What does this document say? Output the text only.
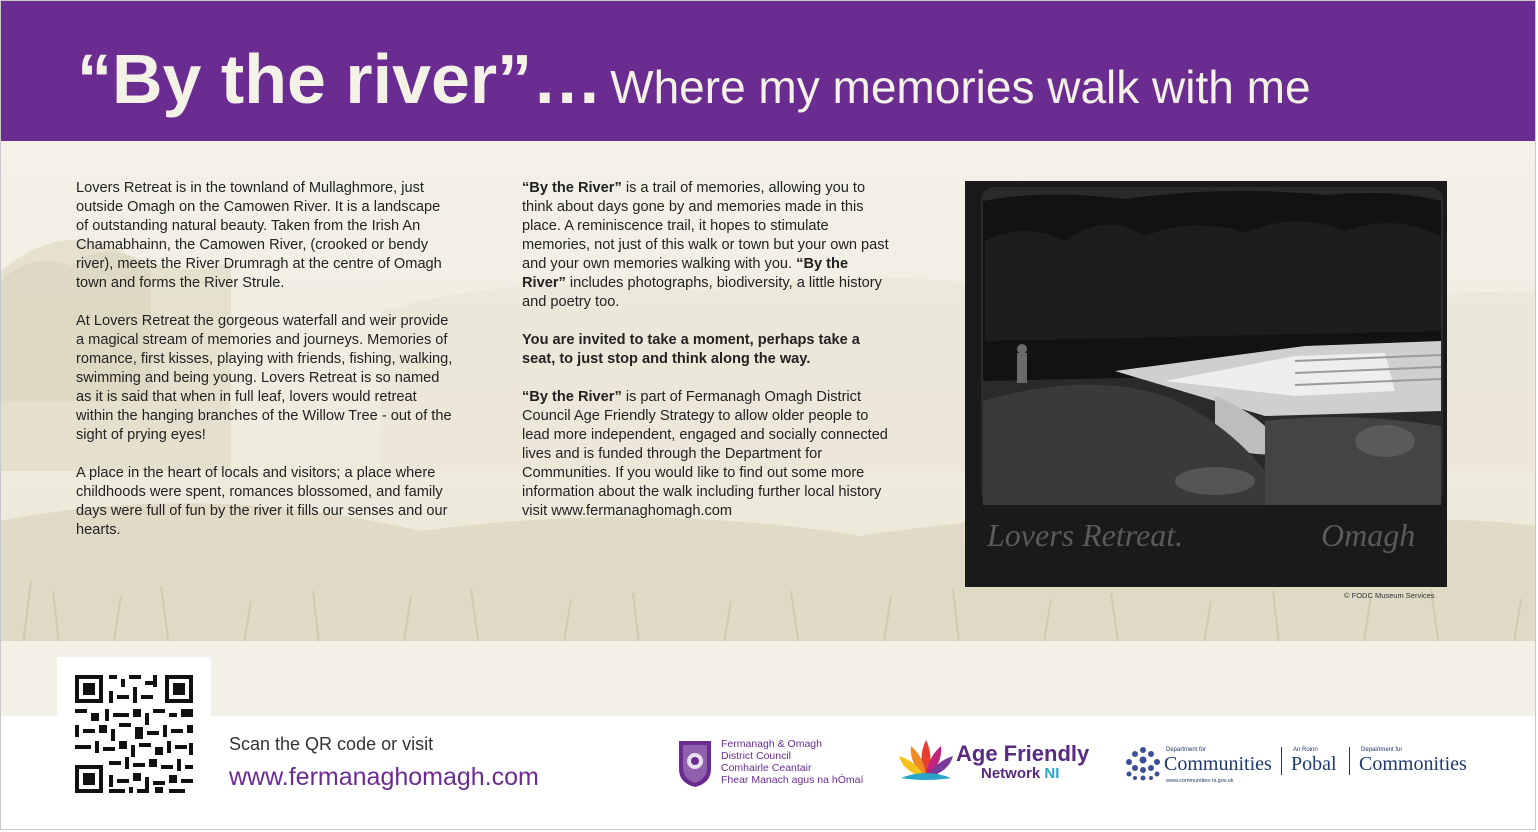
“By the river”… Where my memories walk with me

Lovers Retreat is in the townland of Mullaghmore, just outside Omagh on the Camowen River. It is a landscape of outstanding natural beauty. Taken from the Irish An Chamabhainn, the Camowen River, (crooked or bendy river), meets the River Drumragh at the centre of Omagh town and forms the River Strule.

At Lovers Retreat the gorgeous waterfall and weir provide a magical stream of memories and journeys. Memories of romance, first kisses, playing with friends, fishing, walking, swimming and being young. Lovers Retreat is so named as it is said that when in full leaf, lovers would retreat within the hanging branches of the Willow Tree - out of the sight of prying eyes!

A place in the heart of locals and visitors; a place where childhoods were spent, romances blossomed, and family days were full of fun by the river it fills our senses and our hearts.

“By the River” is a trail of memories, allowing you to think about days gone by and memories made in this place. A reminiscence trail, it hopes to stimulate memories, not just of this walk or town but your own past and your own memories walking with you. “By the River” includes photographs, biodiversity, a little history and poetry too.

You are invited to take a moment, perhaps take a seat, to just stop and think along the way.

“By the River” is part of Fermanagh Omagh District Council Age Friendly Strategy to allow older people to lead more independent, engaged and socially connected lives and is funded through the Department for Communities. If you would like to find out some more information about the walk including further local history visit www.fermanaghomagh.com

Lovers Retreat.	Omagh
© FODC Museum Services
Scan the QR code or visit
www.fermanaghomagh.com
Fermanagh & Omagh
District Council
Comhairle Ceantair
Fhear Manach agus na hÓmaí
Age Friendly
Network NI
Department for
Communities
An Roinn
Pobal
Depairtment fur
Commonities
www.communities-ni.gov.uk
